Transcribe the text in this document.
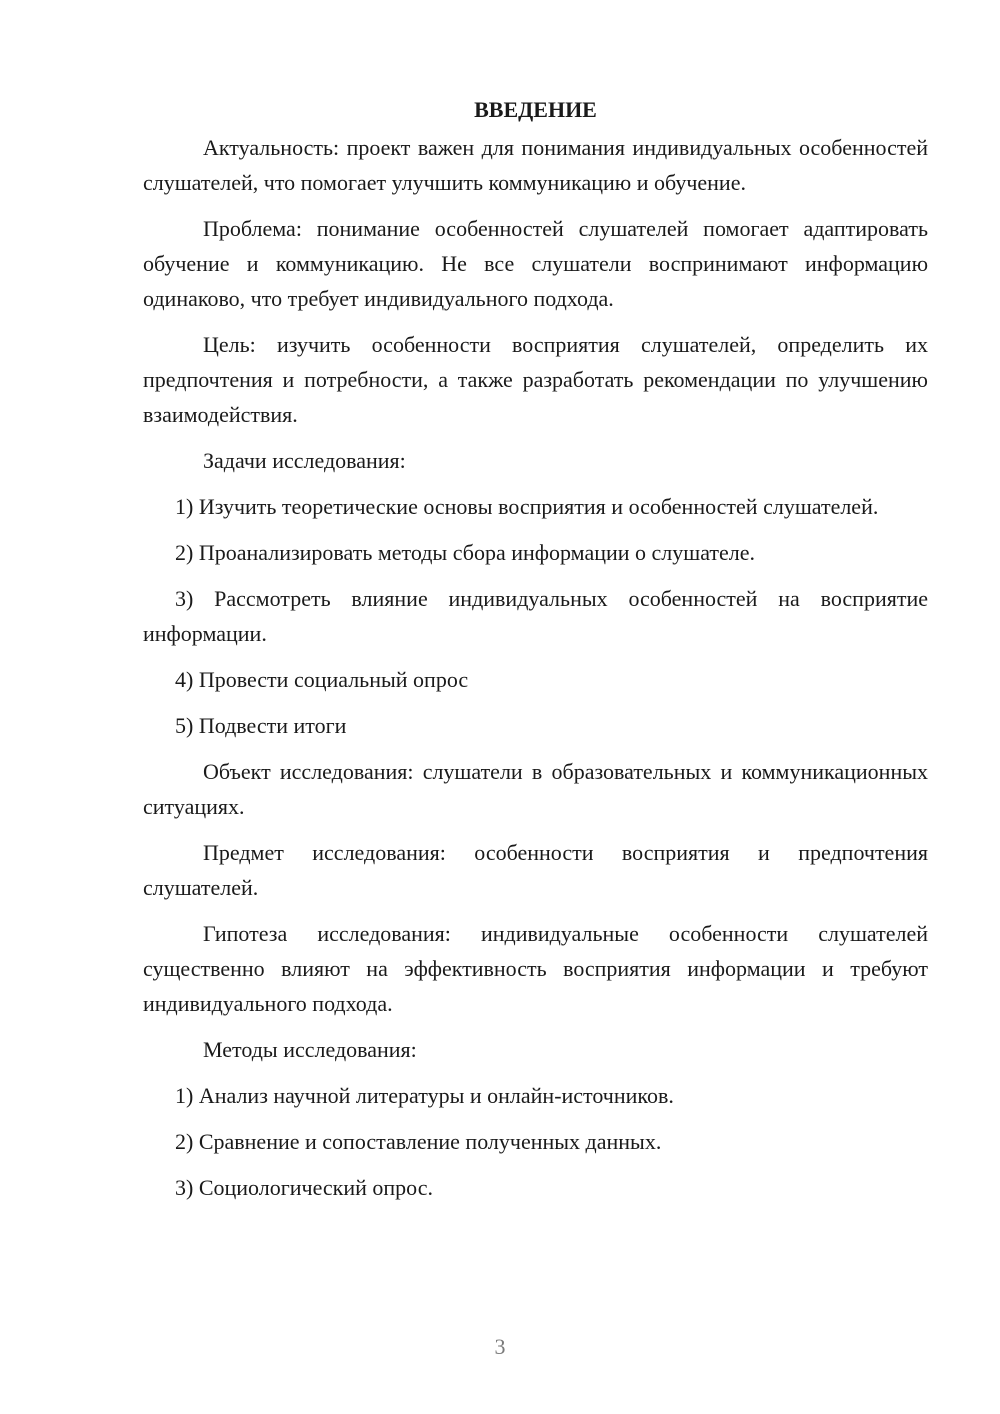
ВВЕДЕНИЕ

Актуальность: проект важен для понимания индивидуальных особенностей слушателей, что помогает улучшить коммуникацию и обучение.

Проблема: понимание особенностей слушателей помогает адаптировать обучение и коммуникацию. Не все слушатели воспринимают информацию одинаково, что требует индивидуального подхода.

Цель: изучить особенности восприятия слушателей, определить их предпочтения и потребности, а также разработать рекомендации по улучшению взаимодействия.

Задачи исследования:

1) Изучить теоретические основы восприятия и особенностей слушателей.

2) Проанализировать методы сбора информации о слушателе.

3) Рассмотреть влияние индивидуальных особенностей на восприятие информации.

4) Провести социальный опрос

5) Подвести итоги

Объект исследования: слушатели в образовательных и коммуникационных ситуациях.

Предмет исследования: особенности восприятия и предпочтения слушателей.

Гипотеза исследования: индивидуальные особенности слушателей существенно влияют на эффективность восприятия информации и требуют индивидуального подхода.

Методы исследования:

1) Анализ научной литературы и онлайн-источников.

2) Сравнение и сопоставление полученных данных.

3) Социологический опрос.

3
